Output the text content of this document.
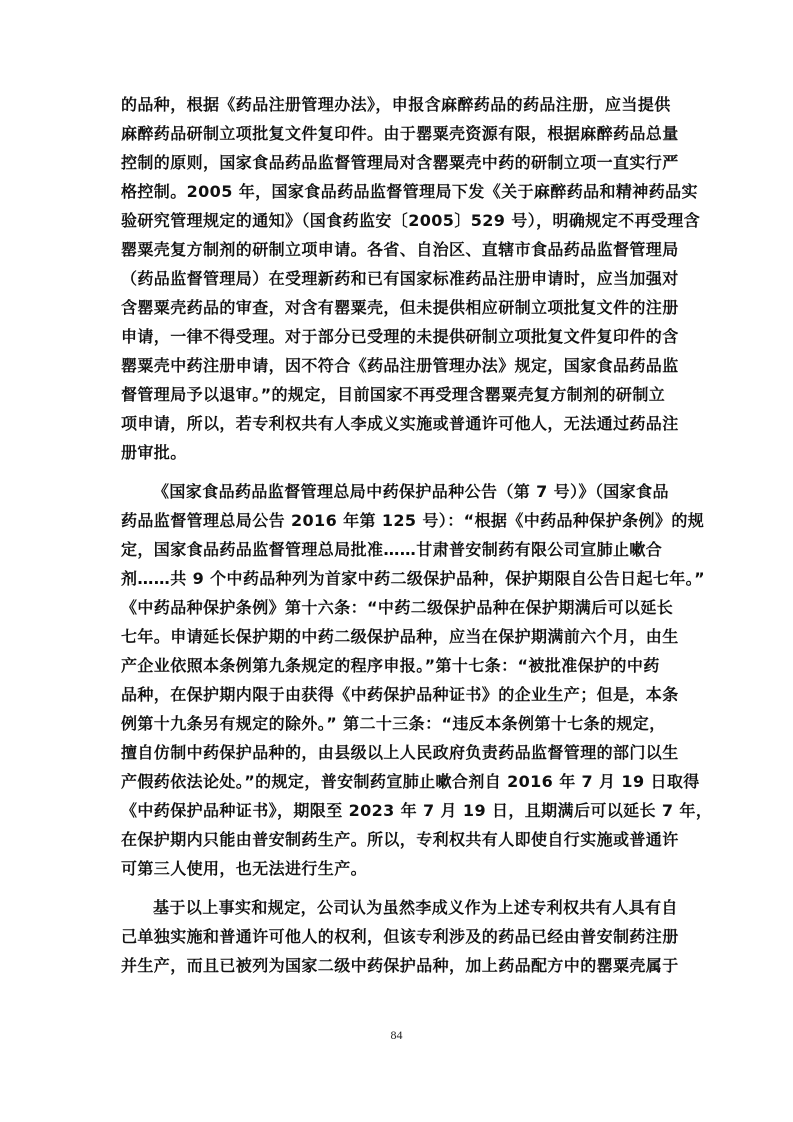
的品种，根据《药品注册管理办法》，申报含麻醉药品的药品注册，应当提供
麻醉药品研制立项批复文件复印件。由于罂粟壳资源有限，根据麻醉药品总量
控制的原则，国家食品药品监督管理局对含罂粟壳中药的研制立项一直实行严
格控制。2005 年，国家食品药品监督管理局下发《关于麻醉药品和精神药品实
验研究管理规定的通知》（国食药监安〔2005〕529 号），明确规定不再受理含
罂粟壳复方制剂的研制立项申请。各省、自治区、直辖市食品药品监督管理局
（药品监督管理局）在受理新药和已有国家标准药品注册申请时，应当加强对
含罂粟壳药品的审查，对含有罂粟壳，但未提供相应研制立项批复文件的注册
申请，一律不得受理。对于部分已受理的未提供研制立项批复文件复印件的含
罂粟壳中药注册申请，因不符合《药品注册管理办法》规定，国家食品药品监
督管理局予以退审。”的规定，目前国家不再受理含罂粟壳复方制剂的研制立
项申请，所以，若专利权共有人李成义实施或普通许可他人，无法通过药品注
册审批。
《国家食品药品监督管理总局中药保护品种公告（第 7 号）》（国家食品
药品监督管理总局公告 2016 年第 125 号）：“根据《中药品种保护条例》的规
定，国家食品药品监督管理总局批准……甘肃普安制药有限公司宣肺止嗽合
剂……共 9 个中药品种列为首家中药二级保护品种，保护期限自公告日起七年。”
《中药品种保护条例》第十六条：“中药二级保护品种在保护期满后可以延长
七年。申请延长保护期的中药二级保护品种，应当在保护期满前六个月，由生
产企业依照本条例第九条规定的程序申报。”第十七条：“被批准保护的中药
品种，在保护期内限于由获得《中药保护品种证书》的企业生产；但是，本条
例第十九条另有规定的除外。” 第二十三条：“违反本条例第十七条的规定，
擅自仿制中药保护品种的，由县级以上人民政府负责药品监督管理的部门以生
产假药依法论处。”的规定，普安制药宣肺止嗽合剂自 2016 年 7 月 19 日取得
《中药保护品种证书》，期限至 2023 年 7 月 19 日，且期满后可以延长 7 年，
在保护期内只能由普安制药生产。所以，专利权共有人即使自行实施或普通许
可第三人使用，也无法进行生产。
基于以上事实和规定，公司认为虽然李成义作为上述专利权共有人具有自
己单独实施和普通许可他人的权利，但该专利涉及的药品已经由普安制药注册
并生产，而且已被列为国家二级中药保护品种，加上药品配方中的罂粟壳属于
84
